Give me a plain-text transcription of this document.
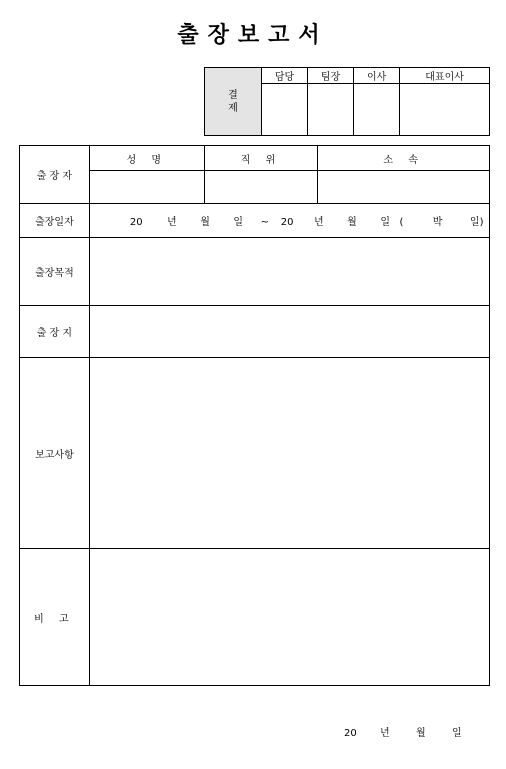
출장보고서
결
제	담당	팀장	이사	대표이사

출 장 자	성 명	직 위	소 속

출장일자	20 년 월 일 ~ 20 년 월 일 ( 박 일)		
출장목적			
출 장 지			
보고사항			
비 고			
20 년	월	일
